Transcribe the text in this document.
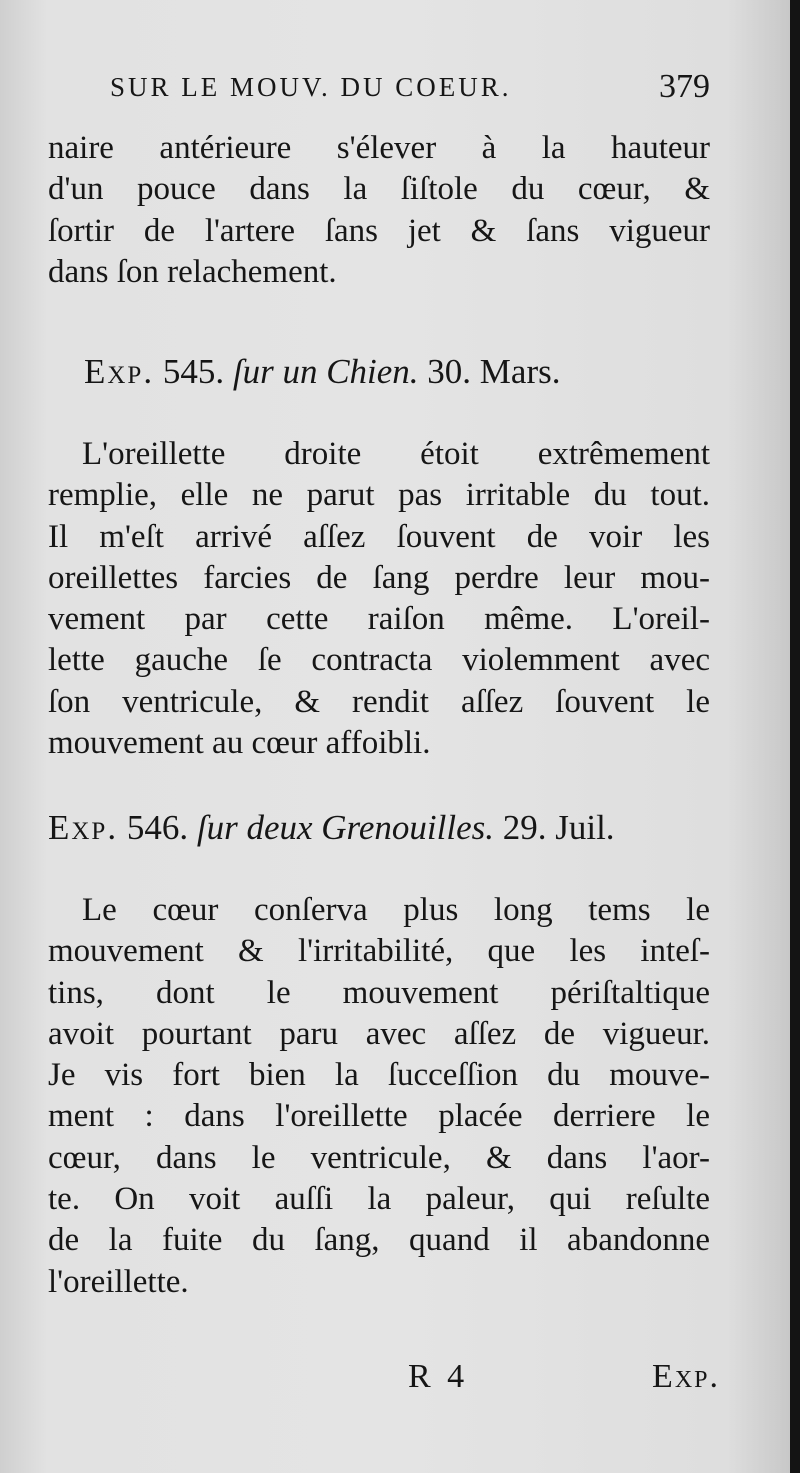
SUR LE MOUV. DU COEUR.	379
naire antérieure s'élever à la hauteur
d'un pouce dans la ſiſtole du cœur, &
ſortir de l'artere ſans jet & ſans vigueur
dans ſon relachement.
Exp. 545. ſur un Chien. 30. Mars.
L'oreillette droite étoit extrêmement
remplie, elle ne parut pas irritable du tout.
Il m'eſt arrivé aſſez ſouvent de voir les
oreillettes farcies de ſang perdre leur mou-
vement par cette raiſon même. L'oreil-
lette gauche ſe contracta violemment avec
ſon ventricule, & rendit aſſez ſouvent le
mouvement au cœur affoibli.
Exp. 546. ſur deux Grenouilles. 29. Juil.
Le cœur conſerva plus long tems le
mouvement & l'irritabilité, que les inteſ-
tins, dont le mouvement périſtaltique
avoit pourtant paru avec aſſez de vigueur.
Je vis fort bien la ſucceſſion du mouve-
ment : dans l'oreillette placée derriere le
cœur, dans le ventricule, & dans l'aor-
te. On voit auſſi la paleur, qui reſulte
de la fuite du ſang, quand il abandonne
l'oreillette.
R 4	Exp.
